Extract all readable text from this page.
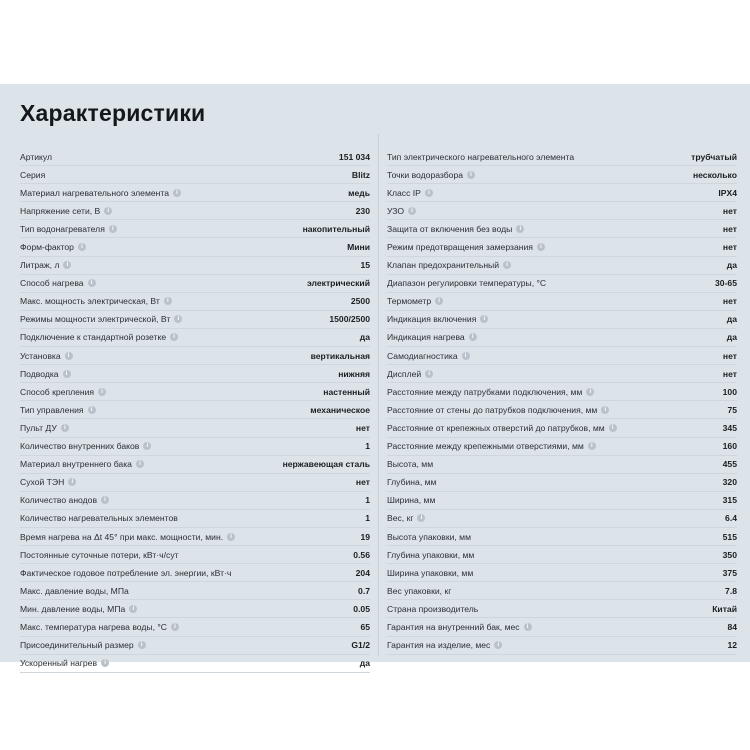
Характеристики
Артикул	151 034
Серия	Blitz
Материал нагревательного элемента	i	медь
Напряжение сети, В	i	230
Тип водонагревателя	i	накопительный
Форм-фактор	i	Мини
Литраж, л	i	15
Способ нагрева	i	электрический
Макс. мощность электрическая, Вт	i	2500
Режимы мощности электрической, Вт	i	1500/2500
Подключение к стандартной розетке	i	да
Установка	i	вертикальная
Подводка	i	нижняя
Способ крепления	i	настенный
Тип управления	i	механическое
Пульт ДУ	i	нет
Количество внутренних баков	i	1
Материал внутреннего бака	i	нержавеющая сталь
Сухой ТЭН	i	нет
Количество анодов	i	1
Количество нагревательных элементов	1
Время нагрева на Δt 45° при макс. мощности, мин.	i	19
Постоянные суточные потери, кВт·ч/сут	0.56
Фактическое годовое потребление эл. энергии, кВт·ч	204
Макс. давление воды, МПа	0.7
Мин. давление воды, МПа	i	0.05
Макс. температура нагрева воды, °С	i	65
Присоединительный размер	i	G1/2
Ускоренный нагрев	i	да
Тип электрического нагревательного элемента	трубчатый
Точки водоразбора	i	несколько
Класс IP	i	IPX4
УЗО	i	нет
Защита от включения без воды	i	нет
Режим предотвращения замерзания	i	нет
Клапан предохранительный	i	да
Диапазон регулировки температуры, °С	30-65
Термометр	i	нет
Индикация включения	i	да
Индикация нагрева	i	да
Самодиагностика	i	нет
Дисплей	i	нет
Расстояние между патрубками подключения, мм	i	100
Расстояние от стены до патрубков подключения, мм	i	75
Расстояние от крепежных отверстий до патрубков, мм	i	345
Расстояние между крепежными отверстиями, мм	i	160
Высота, мм	455
Глубина, мм	320
Ширина, мм	315
Вес, кг	i	6.4
Высота упаковки, мм	515
Глубина упаковки, мм	350
Ширина упаковки, мм	375
Вес упаковки, кг	7.8
Страна производитель	Китай
Гарантия на внутренний бак, мес	i	84
Гарантия на изделие, мес	i	12
